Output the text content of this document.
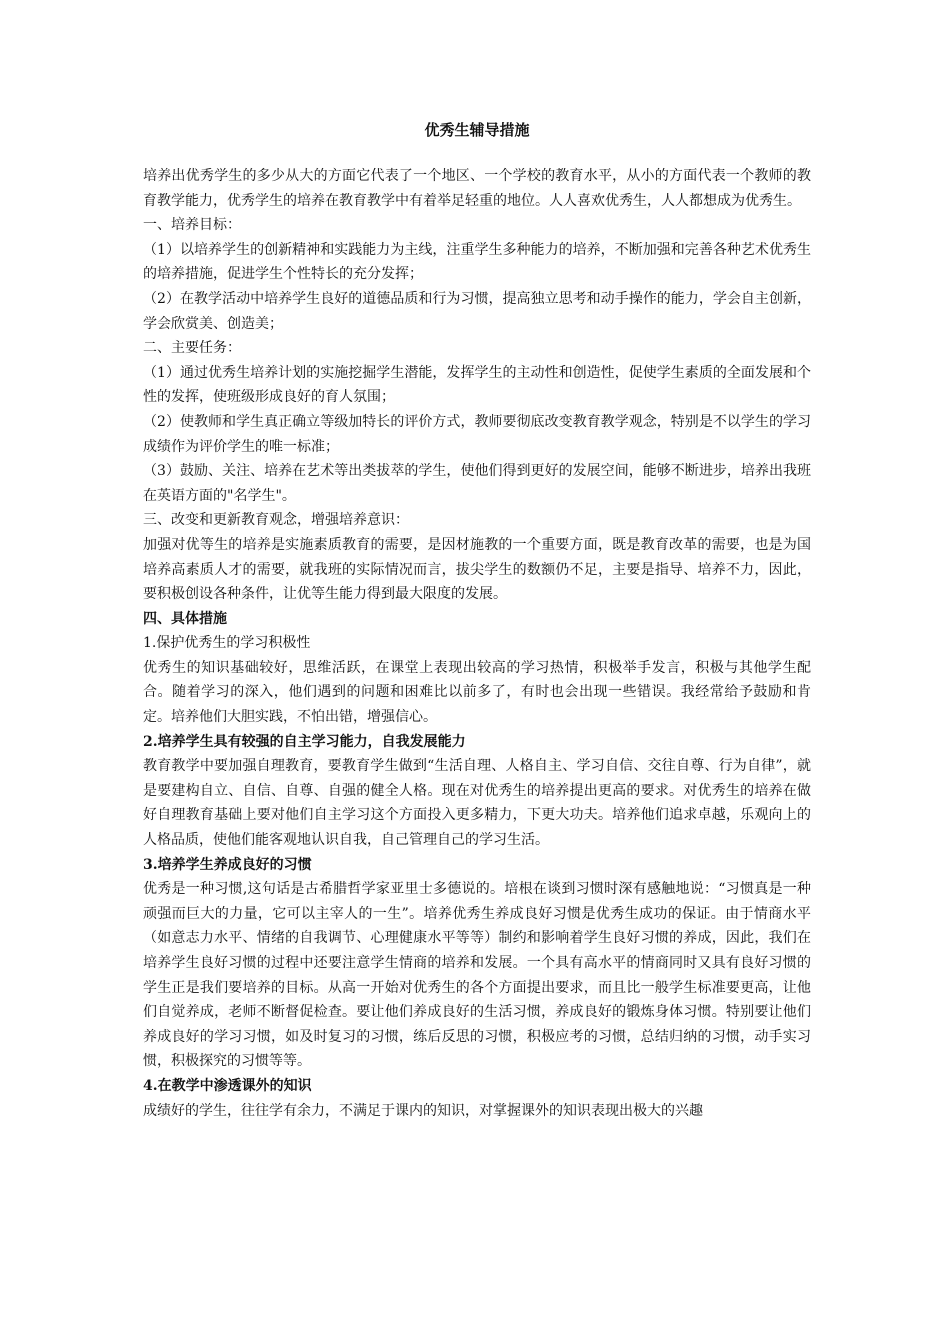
优秀生辅导措施

培养出优秀学生的多少从大的方面它代表了一个地区、一个学校的教育水平，从小的方面代表一个教师的教育教学能力，优秀学生的培养在教育教学中有着举足轻重的地位。人人喜欢优秀生，人人都想成为优秀生。

一、培养目标：

（1）以培养学生的创新精神和实践能力为主线，注重学生多种能力的培养，不断加强和完善各种艺术优秀生的培养措施，促进学生个性特长的充分发挥；

（2）在教学活动中培养学生良好的道德品质和行为习惯，提高独立思考和动手操作的能力，学会自主创新，学会欣赏美、创造美；

二、主要任务：

（1）通过优秀生培养计划的实施挖掘学生潜能，发挥学生的主动性和创造性，促使学生素质的全面发展和个性的发挥，使班级形成良好的育人氛围；

（2）使教师和学生真正确立等级加特长的评价方式，教师要彻底改变教育教学观念，特别是不以学生的学习成绩作为评价学生的唯一标准；

（3）鼓励、关注、培养在艺术等出类拔萃的学生，使他们得到更好的发展空间，能够不断进步，培养出我班在英语方面的"名学生"。

三、改变和更新教育观念，增强培养意识：

加强对优等生的培养是实施素质教育的需要，是因材施教的一个重要方面，既是教育改革的需要，也是为国培养高素质人才的需要，就我班的实际情况而言，拔尖学生的数额仍不足，主要是指导、培养不力，因此，要积极创设各种条件，让优等生能力得到最大限度的发展。

四、具体措施

1.保护优秀生的学习积极性

优秀生的知识基础较好，思维活跃，在课堂上表现出较高的学习热情，积极举手发言，积极与其他学生配合。随着学习的深入，他们遇到的问题和困难比以前多了，有时也会出现一些错误。我经常给予鼓励和肯定。培养他们大胆实践，不怕出错，增强信心。

2.培养学生具有较强的自主学习能力，自我发展能力

教育教学中要加强自理教育，要教育学生做到“生活自理、人格自主、学习自信、交往自尊、行为自律”，就是要建构自立、自信、自尊、自强的健全人格。现在对优秀生的培养提出更高的要求。对优秀生的培养在做好自理教育基础上要对他们自主学习这个方面投入更多精力，下更大功夫。培养他们追求卓越，乐观向上的人格品质，使他们能客观地认识自我，自己管理自己的学习生活。

3.培养学生养成良好的习惯

优秀是一种习惯,这句话是古希腊哲学家亚里士多德说的。培根在谈到习惯时深有感触地说：“习惯真是一种顽强而巨大的力量，它可以主宰人的一生”。培养优秀生养成良好习惯是优秀生成功的保证。由于情商水平（如意志力水平、情绪的自我调节、心理健康水平等等）制约和影响着学生良好习惯的养成，因此，我们在培养学生良好习惯的过程中还要注意学生情商的培养和发展。一个具有高水平的情商同时又具有良好习惯的学生正是我们要培养的目标。从高一开始对优秀生的各个方面提出要求，而且比一般学生标准要更高，让他们自觉养成，老师不断督促检查。要让他们养成良好的生活习惯，养成良好的锻炼身体习惯。特别要让他们养成良好的学习习惯，如及时复习的习惯，练后反思的习惯，积极应考的习惯，总结归纳的习惯，动手实习惯，积极探究的习惯等等。

4.在教学中渗透课外的知识

成绩好的学生，往往学有余力，不满足于课内的知识，对掌握课外的知识表现出极大的兴趣
